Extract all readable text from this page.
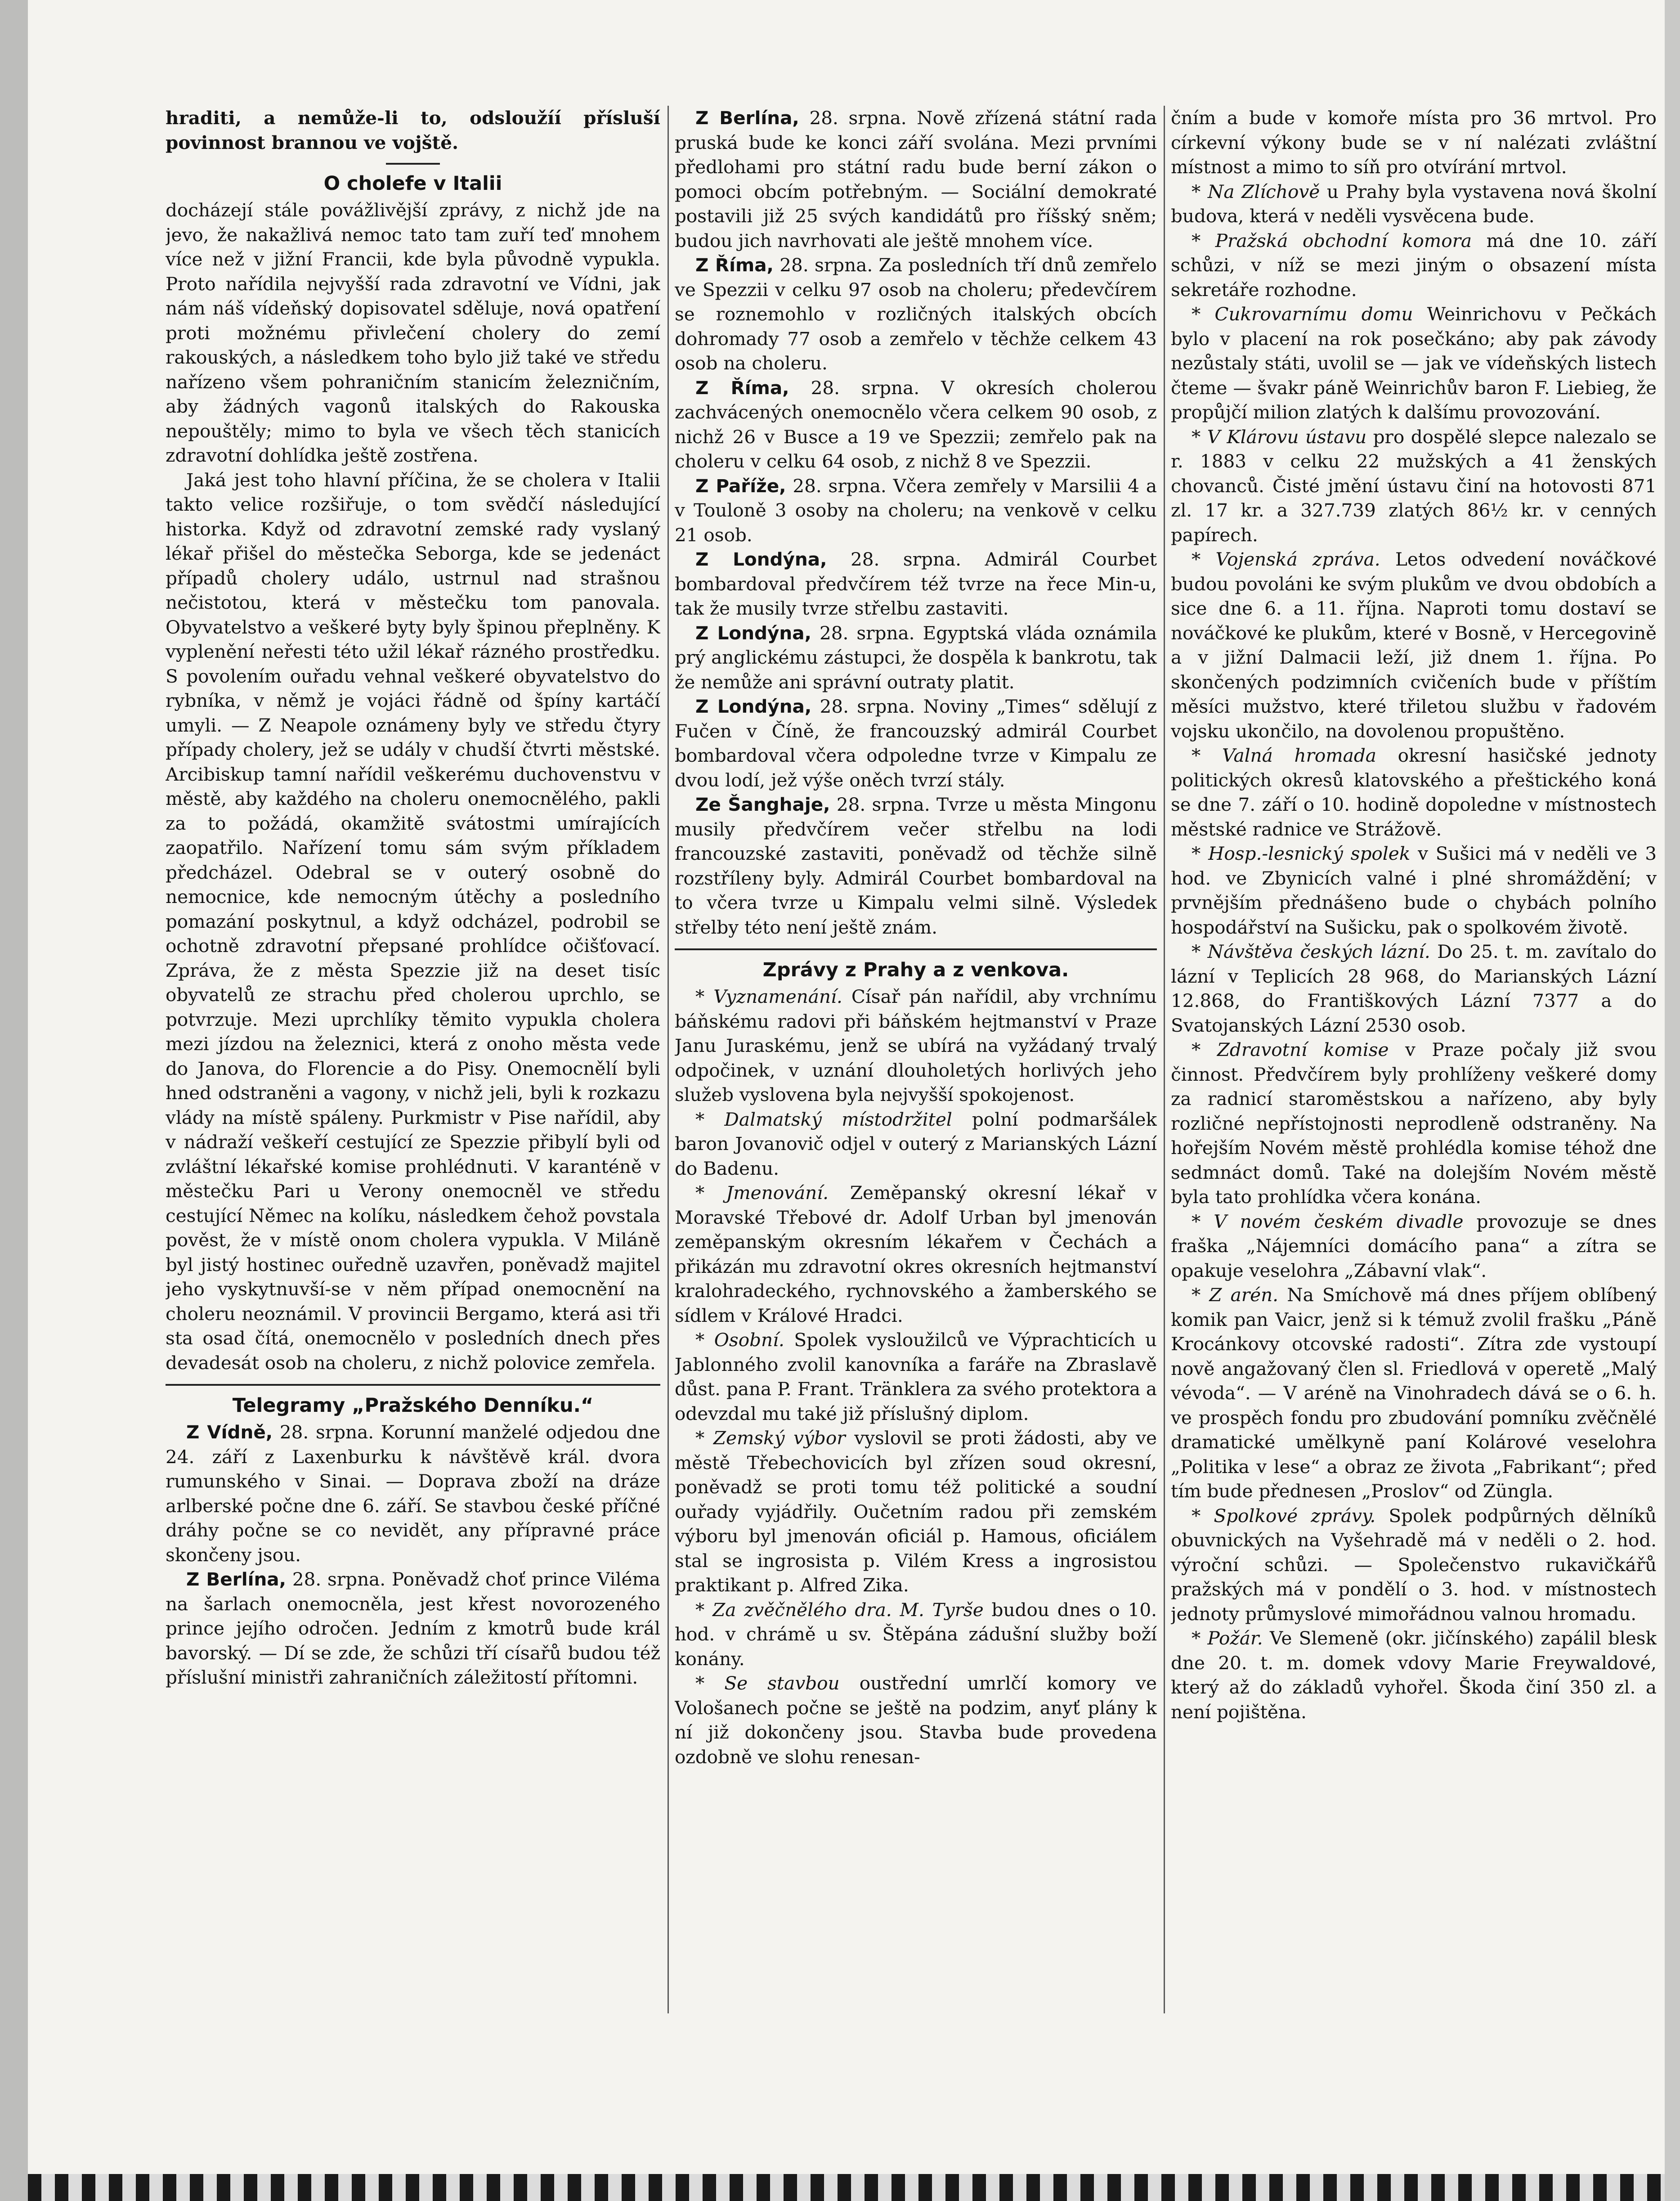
hraditi, a nemůže-li to, odsloužíí přísluší povinnost brannou ve vojště.

O cholefe v Italii

docházejí stále povážlivější zprávy, z nichž jde na jevo, že nakažlivá nemoc tato tam zuří teď mnohem více než v jižní Francii, kde byla původně vypukla. Proto nařídila nejvyšší rada zdravotní ve Vídni, jak nám náš vídeňský dopisovatel sděluje, nová opatření proti možnému přivlečení cholery do zemí rakouských, a následkem toho bylo již také ve středu nařízeno všem pohraničním stanicím železničním, aby žádných vagonů italských do Rakouska nepouštěly; mimo to byla ve všech těch stanicích zdravotní dohlídka ještě zostřena.

Jaká jest toho hlavní příčina, že se cholera v Italii takto velice rozšiřuje, o tom svědčí následující historka. Když od zdravotní zemské rady vyslaný lékař přišel do městečka Seborga, kde se jedenáct případů cholery událo, ustrnul nad strašnou nečistotou, která v městečku tom panovala. Obyvatelstvo a veškeré byty byly špinou přeplněny. K vyplenění neřesti této užil lékař rázného prostředku. S povolením ouřadu vehnal veškeré obyvatelstvo do rybníka, v němž je vojáci řádně od špíny kartáčí umyli. — Z Neapole oznámeny byly ve středu čtyry případy cholery, jež se udály v chudší čtvrti městské. Arcibiskup tamní nařídil veškerému duchovenstvu v městě, aby každého na choleru onemocnělého, pakli za to požádá, okamžitě svátostmi umírajících zaopatřilo. Nařízení tomu sám svým příkladem předcházel. Odebral se v outerý osobně do nemocnice, kde nemocným útěchy a posledního pomazání poskytnul, a když odcházel, podrobil se ochotně zdravotní přepsané prohlídce očišťovací. Zpráva, že z města Spezzie již na deset tisíc obyvatelů ze strachu před cholerou uprchlo, se potvrzuje. Mezi uprchlíky těmito vypukla cholera mezi jízdou na železnici, která z onoho města vede do Janova, do Florencie a do Pisy. Onemocnělí byli hned odstraněni a vagony, v nichž jeli, byli k rozkazu vlády na místě spáleny. Purkmistr v Pise nařídil, aby v nádraží veškeří cestující ze Spezzie přibylí byli od zvláštní lékařské komise prohlédnuti. V karanténě v městečku Pari u Verony onemocněl ve středu cestující Němec na kolíku, následkem čehož povstala pověst, že v místě onom cholera vypukla. V Miláně byl jistý hostinec ouředně uzavřen, poněvadž majitel jeho vyskytnuvší-se v něm případ onemocnění na choleru neoznámil. V provincii Bergamo, která asi tři sta osad čítá, onemocnělo v posledních dnech přes devadesát osob na choleru, z nichž polovice zemřela.

Telegramy „Pražského Denníku.“

Z Vídně, 28. srpna. Korunní manželé odjedou dne 24. září z Laxenburku k návštěvě král. dvora rumunského v Sinai. — Doprava zboží na dráze arlberské počne dne 6. září. Se stavbou české příčné dráhy počne se co nevidět, any přípravné práce skončeny jsou.

Z Berlína, 28. srpna. Poněvadž choť prince Viléma na šarlach onemocněla, jest křest novorozeného prince jejího odročen. Jedním z kmotrů bude král bavorský. — Dí se zde, že schůzi tří císařů budou též příslušní ministři zahraničních záležitostí přítomni.

Z Berlína, 28. srpna. Nově zřízená státní rada pruská bude ke konci září svolána. Mezi prvními předlohami pro státní radu bude berní zákon o pomoci obcím potřebným. — Sociální demokraté postavili již 25 svých kandidátů pro říšský sněm; budou jich navrhovati ale ještě mnohem více.

Z Říma, 28. srpna. Za posledních tří dnů zemřelo ve Spezzii v celku 97 osob na choleru; předevčírem se roznemohlo v rozličných italských obcích dohromady 77 osob a zemřelo v těchže celkem 43 osob na choleru.

Z Říma, 28. srpna. V okresích cholerou zachvácených onemocnělo včera celkem 90 osob, z nichž 26 v Busce a 19 ve Spezzii; zemřelo pak na choleru v celku 64 osob, z nichž 8 ve Spezzii.

Z Paříže, 28. srpna. Včera zemřely v Marsilii 4 a v Touloně 3 osoby na choleru; na venkově v celku 21 osob.

Z Londýna, 28. srpna. Admirál Courbet bombardoval předvčírem též tvrze na řece Min-u, tak že musily tvrze střelbu zastaviti.

Z Londýna, 28. srpna. Egyptská vláda oznámila prý anglickému zástupci, že dospěla k bankrotu, tak že nemůže ani správní outraty platit.

Z Londýna, 28. srpna. Noviny „Times“ sdělují z Fučen v Číně, že francouzský admirál Courbet bombardoval včera odpoledne tvrze v Kimpalu ze dvou lodí, jež výše oněch tvrzí stály.

Ze Šanghaje, 28. srpna. Tvrze u města Mingonu musily předvčírem večer střelbu na lodi francouzské zastaviti, poněvadž od těchže silně rozstříleny byly. Admirál Courbet bombardoval na to včera tvrze u Kimpalu velmi silně. Výsledek střelby této není ještě znám.

Zprávy z Prahy a z venkova.

* Vyznamenání. Císař pán nařídil, aby vrchnímu báňskému radovi při báňském hejtmanství v Praze Janu Juraskému, jenž se ubírá na vyžádaný trvalý odpočinek, v uznání dlouholetých horlivých jeho služeb vyslovena byla nejvyšší spokojenost.

* Dalmatský místodržitel polní podmaršálek baron Jovanovič odjel v outerý z Marianských Lázní do Badenu.

* Jmenování. Zeměpanský okresní lékař v Moravské Třebové dr. Adolf Urban byl jmenován zeměpanským okresním lékařem v Čechách a přikázán mu zdravotní okres okresních hejtmanství kralohradeckého, rychnovského a žamberského se sídlem v Králové Hradci.

* Osobní. Spolek vysloužilců ve Výprachticích u Jablonného zvolil kanovníka a faráře na Zbraslavě důst. pana P. Frant. Tränklera za svého protektora a odevzdal mu také již příslušný diplom.

* Zemský výbor vyslovil se proti žádosti, aby ve městě Třebechovicích byl zřízen soud okresní, poněvadž se proti tomu též politické a soudní ouřady vyjádřily. Oučetním radou při zemském výboru byl jmenován oficiál p. Hamous, oficiálem stal se ingrosista p. Vilém Kress a ingrosistou praktikant p. Alfred Zika.

* Za zvěčnělého dra. M. Tyrše budou dnes o 10. hod. v chrámě u sv. Štěpána zádušní služby boží konány.

* Se stavbou oustřední umrlčí komory ve Vološanech počne se ještě na podzim, anyť plány k ní již dokončeny jsou. Stavba bude provedena ozdobně ve slohu renesan-

čním a bude v komoře místa pro 36 mrtvol. Pro církevní výkony bude se v ní nalézati zvláštní místnost a mimo to síň pro otvírání mrtvol.

* Na Zlíchově u Prahy byla vystavena nová školní budova, která v neděli vysvěcena bude.

* Pražská obchodní komora má dne 10. září schůzi, v níž se mezi jiným o obsazení místa sekretáře rozhodne.

* Cukrovarnímu domu Weinrichovu v Pečkách bylo v placení na rok posečkáno; aby pak závody nezůstaly státi, uvolil se — jak ve vídeňských listech čteme — švakr páně Weinrichův baron F. Liebieg, že propůjčí milion zlatých k dalšímu provozování.

* V Klárovu ústavu pro dospělé slepce nalezalo se r. 1883 v celku 22 mužských a 41 ženských chovanců. Čisté jmění ústavu činí na hotovosti 871 zl. 17 kr. a 327.739 zlatých 86½ kr. v cenných papírech.

* Vojenská zpráva. Letos odvedení nováčkové budou povoláni ke svým plukům ve dvou obdobích a sice dne 6. a 11. října. Naproti tomu dostaví se nováčkové ke plukům, které v Bosně, v Hercegovině a v jižní Dalmacii leží, již dnem 1. října. Po skončených podzimních cvičeních bude v příštím měsíci mužstvo, které třiletou službu v řadovém vojsku ukončilo, na dovolenou propuštěno.

* Valná hromada okresní hasičské jednoty politických okresů klatovského a přeštického koná se dne 7. září o 10. hodině dopoledne v místnostech městské radnice ve Strážově.

* Hosp.-lesnický spolek v Sušici má v neděli ve 3 hod. ve Zbynicích valné i plné shromáždění; v prvnějším přednášeno bude o chybách polního hospodářství na Sušicku, pak o spolkovém životě.

* Návštěva českých lázní. Do 25. t. m. zavítalo do lázní v Teplicích 28 968, do Marianských Lázní 12.868, do Františkových Lázní 7377 a do Svatojanských Lázní 2530 osob.

* Zdravotní komise v Praze počaly již svou činnost. Předvčírem byly prohlíženy veškeré domy za radnicí staroměstskou a nařízeno, aby byly rozličné nepřístojnosti neprodleně odstraněny. Na hořejším Novém městě prohlédla komise téhož dne sedmnáct domů. Také na dolejším Novém městě byla tato prohlídka včera konána.

* V novém českém divadle provozuje se dnes fraška „Nájemníci domácího pana“ a zítra se opakuje veselohra „Zábavní vlak“.

* Z arén. Na Smíchově má dnes příjem oblíbený komik pan Vaicr, jenž si k témuž zvolil frašku „Páně Krocánkovy otcovské radosti“. Zítra zde vystoupí nově angažovaný člen sl. Friedlová v operetě „Malý vévoda“. — V aréně na Vinohradech dává se o 6. h. ve prospěch fondu pro zbudování pomníku zvěčnělé dramatické umělkyně paní Kolárové veselohra „Politika v lese“ a obraz ze života „Fabrikant“; před tím bude přednesen „Proslov“ od Züngla.

* Spolkové zprávy. Spolek podpůrných dělníků obuvnických na Vyšehradě má v neděli o 2. hod. výroční schůzi. — Společenstvo rukavičkářů pražských má v pondělí o 3. hod. v místnostech jednoty průmyslové mimořádnou valnou hromadu.

* Požár. Ve Slemeně (okr. jičínského) zapálil blesk dne 20. t. m. domek vdovy Marie Freywaldové, který až do základů vyhořel. Škoda činí 350 zl. a není pojištěna.
